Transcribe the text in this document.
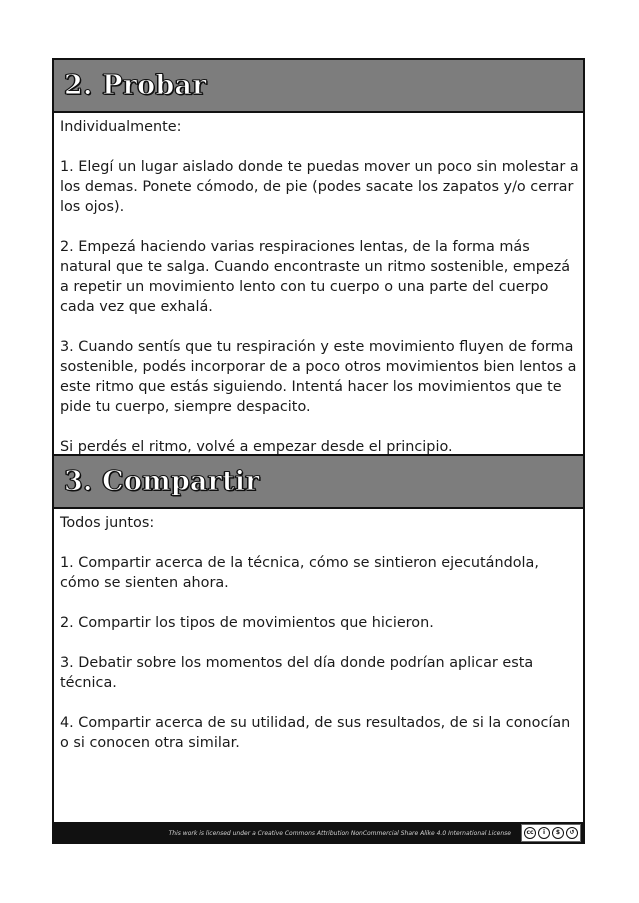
2. Probar

Individualmente:

1. Elegí un lugar aislado donde te puedas mover un poco sin molestar a los demas. Ponete cómodo, de pie (podes sacate los zapatos y/o cerrar los ojos).

2. Empezá haciendo varias respiraciones lentas, de la forma más natural que te salga. Cuando encontraste un ritmo sostenible, empezá a repetir un movimiento lento con tu cuerpo o una parte del cuerpo cada vez que exhalá.

3. Cuando sentís que tu respiración y este movimiento fluyen de forma sostenible, podés incorporar de a poco otros movimientos bien lentos a este ritmo que estás siguiendo. Intentá hacer los movimientos que te pide tu cuerpo, siempre despacito.

Si perdés el ritmo, volvé a empezar desde el principio.

3. Compartir

Todos juntos:

1. Compartir acerca de la técnica, cómo se sintieron ejecutándola, cómo se sienten ahora.

2. Compartir los tipos de movimientos que hicieron.

3. Debatir sobre los momentos del día donde podrían aplicar esta técnica.

4. Compartir acerca de su utilidad, de sus resultados, de si la conocían o si conocen otra similar.

This work is licensed under a Creative Commons Attribution NonCommercial Share Alike 4.0 International License	cc	i	$	↺
